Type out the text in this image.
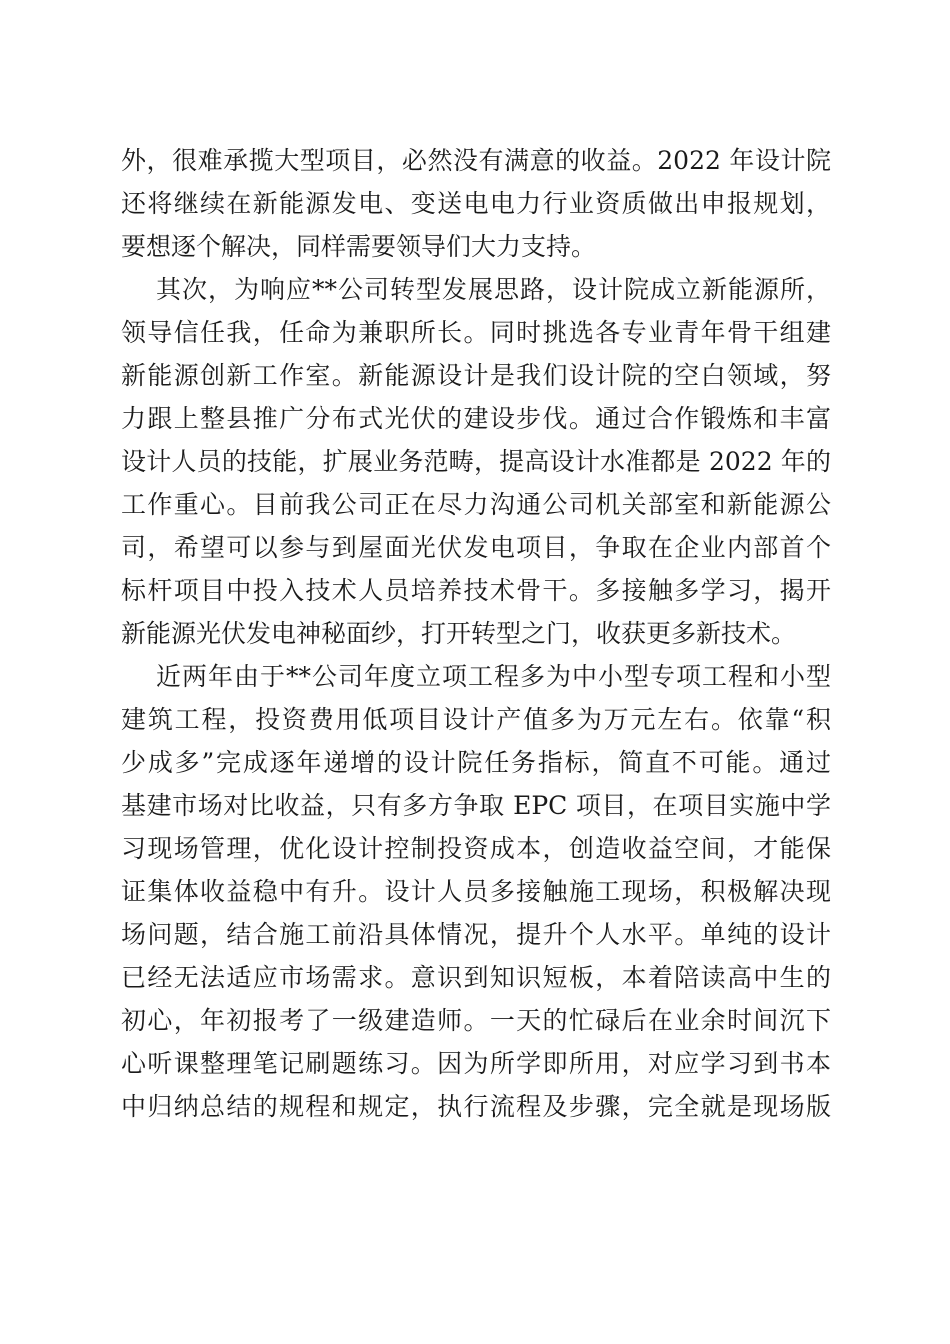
外，很难承揽大型项目，必然没有满意的收益。2022 年设计院
还将继续在新能源发电、变送电电力行业资质做出申报规划，
要想逐个解决，同样需要领导们大力支持。
其次，为响应**公司转型发展思路，设计院成立新能源所，
领导信任我，任命为兼职所长。同时挑选各专业青年骨干组建
新能源创新工作室。新能源设计是我们设计院的空白领域，努
力跟上整县推广分布式光伏的建设步伐。通过合作锻炼和丰富
设计人员的技能，扩展业务范畴，提高设计水准都是 2022 年的
工作重心。目前我公司正在尽力沟通公司机关部室和新能源公
司，希望可以参与到屋面光伏发电项目，争取在企业内部首个
标杆项目中投入技术人员培养技术骨干。多接触多学习，揭开
新能源光伏发电神秘面纱，打开转型之门，收获更多新技术。
近两年由于**公司年度立项工程多为中小型专项工程和小型
建筑工程，投资费用低项目设计产值多为万元左右。依靠“积
少成多”完成逐年递增的设计院任务指标，简直不可能。通过
基建市场对比收益，只有多方争取 EPC 项目，在项目实施中学
习现场管理，优化设计控制投资成本，创造收益空间，才能保
证集体收益稳中有升。设计人员多接触施工现场，积极解决现
场问题，结合施工前沿具体情况，提升个人水平。单纯的设计
已经无法适应市场需求。意识到知识短板，本着陪读高中生的
初心，年初报考了一级建造师。一天的忙碌后在业余时间沉下
心听课整理笔记刷题练习。因为所学即所用，对应学习到书本
中归纳总结的规程和规定，执行流程及步骤，完全就是现场版
